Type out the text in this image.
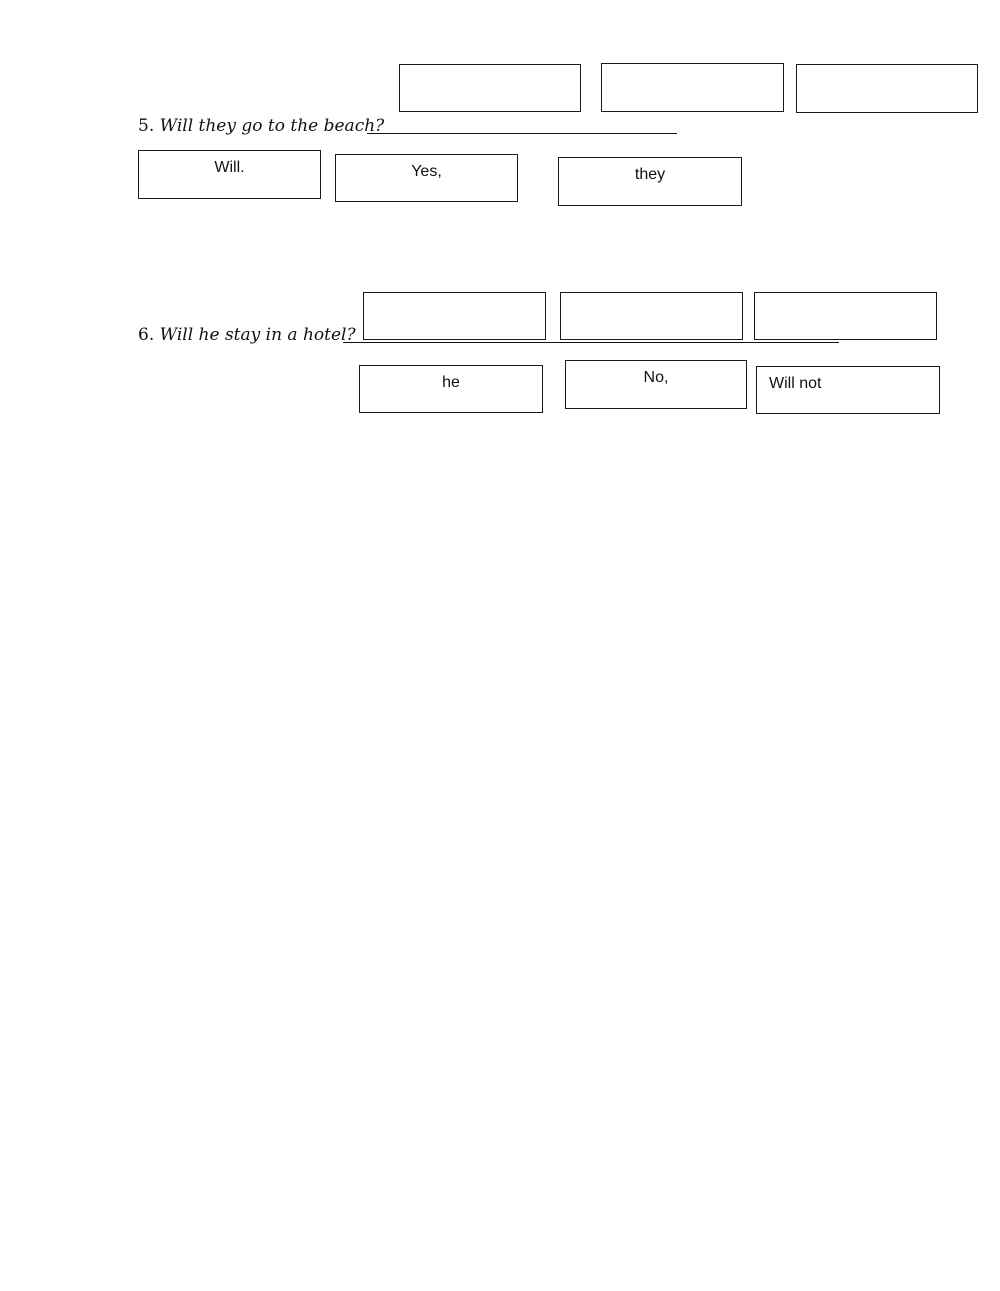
5. Will they go to the beach?
Will.	Yes,	they
6. Will he stay in a hotel?
he	No,	Will not
